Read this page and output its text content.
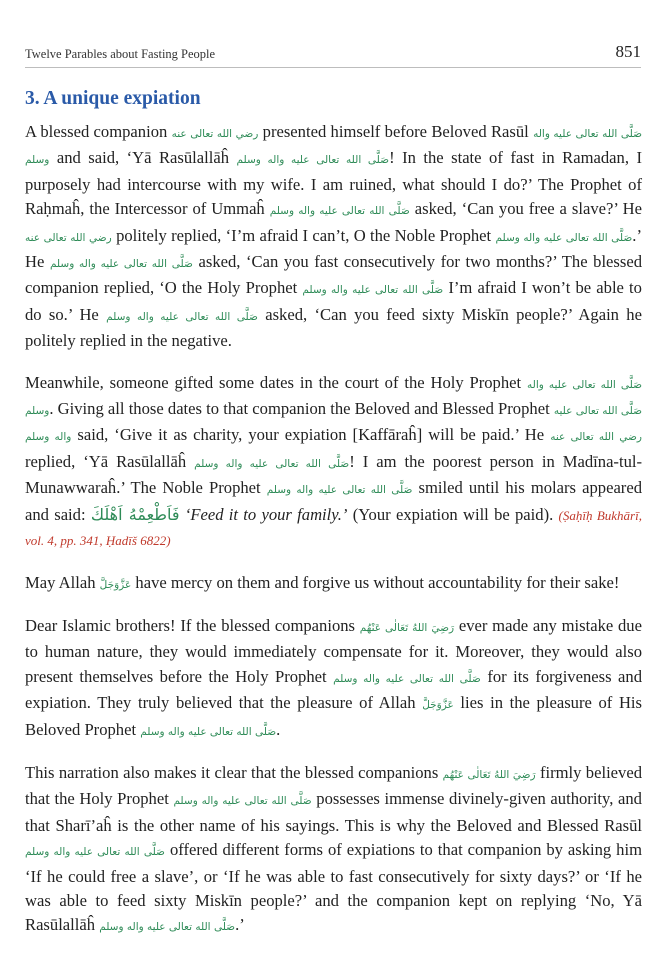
Twelve Parables about Fasting People	851
3. A unique expiation

A blessed companion رضي الله تعالى عنه presented himself before Beloved Rasūl صَلَّى الله تعالى عليه واله وسلم and said, ‘Yā Rasūlallāĥ صَلَّى الله تعالى عليه واله وسلم! In the state of fast in Ramadan, I purposely had intercourse with my wife. I am ruined, what should I do?’ The Prophet of Raḥmaĥ, the Intercessor of Ummaĥ صَلَّى الله تعالى عليه واله وسلم asked, ‘Can you free a slave?’ He رضي الله تعالى عنه politely replied, ‘I’m afraid I can’t, O the Noble Prophet صَلَّى الله تعالى عليه واله وسلم.’ He صَلَّى الله تعالى عليه واله وسلم asked, ‘Can you fast consecutively for two months?’ The blessed companion replied, ‘O the Holy Prophet صَلَّى الله تعالى عليه واله وسلم I’m afraid I won’t be able to do so.’ He صَلَّى الله تعالى عليه واله وسلم asked, ‘Can you feed sixty Miskīn people?’ Again he politely replied in the negative.

Meanwhile, someone gifted some dates in the court of the Holy Prophet صَلَّى الله تعالى عليه واله وسلم. Giving all those dates to that companion the Beloved and Blessed Prophet صَلَّى الله تعالى عليه واله وسلم said, ‘Give it as charity, your expiation [Kaffāraĥ] will be paid.’ He رضي الله تعالى عنه replied, ‘Yā Rasūlallāĥ صَلَّى الله تعالى عليه واله وسلم! I am the poorest person in Madīna-tul-Munawwaraĥ.’ The Noble Prophet صَلَّى الله تعالى عليه واله وسلم smiled until his molars appeared and said: فَاَطْعِمْهُ اَهْلَكَ ‘Feed it to your family.’ (Your expiation will be paid). (Ṣaḥīḥ Bukhārī, vol. 4, pp. 341, Ḥadīš 6822)

May Allah عَزَّوَجَلَّ have mercy on them and forgive us without accountability for their sake!

Dear Islamic brothers! If the blessed companions رَضِيَ اللهُ تَعَالٰى عَنْهُم ever made any mistake due to human nature, they would immediately compensate for it. Moreover, they would also present themselves before the Holy Prophet صَلَّى الله تعالى عليه واله وسلم for its forgiveness and expiation. They truly believed that the pleasure of Allah عَزَّوَجَلَّ lies in the pleasure of His Beloved Prophet صَلَّى الله تعالى عليه واله وسلم.

This narration also makes it clear that the blessed companions رَضِيَ اللهُ تَعَالٰى عَنْهُم firmly believed that the Holy Prophet صَلَّى الله تعالى عليه واله وسلم possesses immense divinely-given authority, and that Sharī’aĥ is the other name of his sayings. This is why the Beloved and Blessed Rasūl صَلَّى الله تعالى عليه واله وسلم offered different forms of expiations to that companion by asking him ‘If he could free a slave’, or ‘If he was able to fast consecutively for sixty days?’ or ‘If he was able to feed sixty Miskīn people?’ and the companion kept on replying ‘No, Yā Rasūlallāĥ صَلَّى الله تعالى عليه واله وسلم.’
